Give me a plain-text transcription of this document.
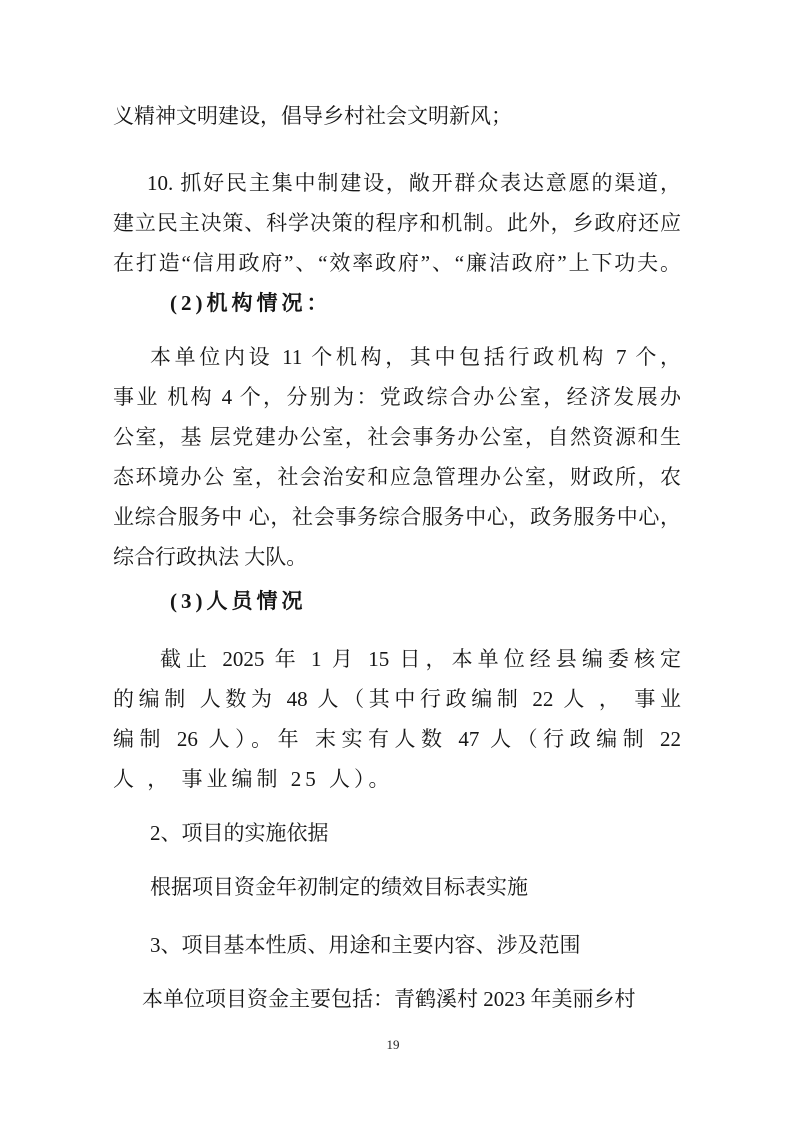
义精神文明建设，倡导乡村社会文明新风；
10. 抓好民主集中制建设，敞开群众表达意愿的渠道，
建立民主决策、科学决策的程序和机制。此外，乡政府还应
在打造“信用政府”、“效率政府”、“廉洁政府”上下功夫。
(2)机构情况：
本单位内设 11 个机构，其中包括行政机构 7 个，
事业 机构 4 个，分别为：党政综合办公室，经济发展办
公室，基 层党建办公室，社会事务办公室，自然资源和生
态环境办公 室，社会治安和应急管理办公室，财政所，农
业综合服务中 心，社会事务综合服务中心，政务服务中心，
综合行政执法 大队。
(3)人员情况
截止 2025 年 1 月 15 日，本单位经县编委核定
的编制 人数为 48 人（其中行政编制 22 人 ， 事业
编制 26 人）。年 末实有人数 47 人（行政编制 22
人 ， 事业编制 25 人）。
2、项目的实施依据
根据项目资金年初制定的绩效目标表实施
3、项目基本性质、用途和主要内容、涉及范围
本单位项目资金主要包括：青鹤溪村 2023 年美丽乡村
19
